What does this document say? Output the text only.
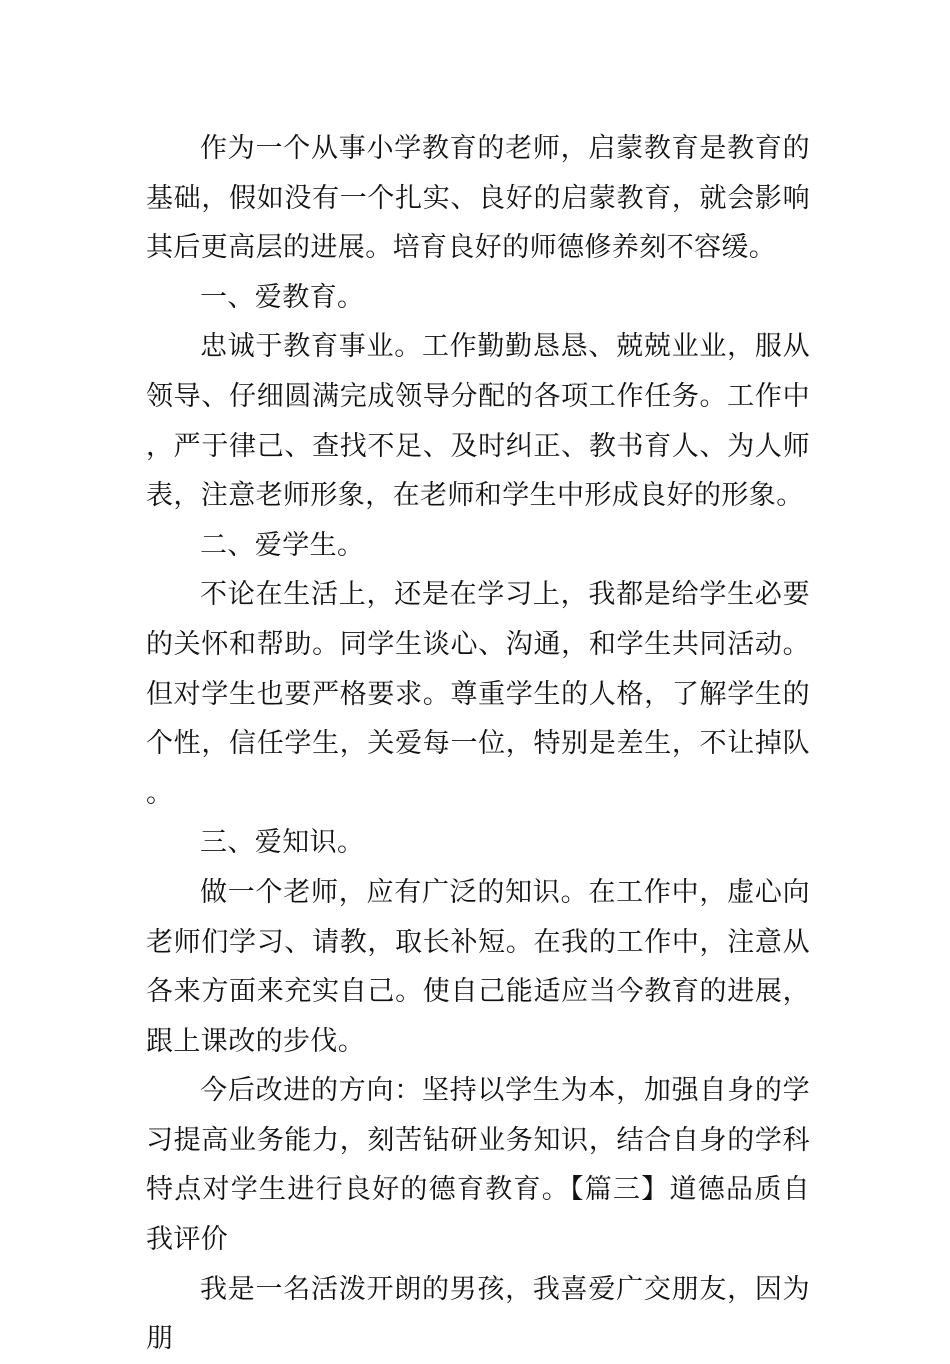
作为一个从事小学教育的老师，启蒙教育是教育的基础，假如没有一个扎实、良好的启蒙教育，就会影响其后更高层的进展。培育良好的师德修养刻不容缓。

一、爱教育。

忠诚于教育事业。工作勤勤恳恳、兢兢业业，服从领导、仔细圆满完成领导分配的各项工作任务。工作中，严于律己、查找不足、及时纠正、教书育人、为人师表，注意老师形象，在老师和学生中形成良好的形象。

二、爱学生。

不论在生活上，还是在学习上，我都是给学生必要的关怀和帮助。同学生谈心、沟通，和学生共同活动。但对学生也要严格要求。尊重学生的人格，了解学生的个性，信任学生，关爱每一位，特别是差生，不让掉队。

三、爱知识。

做一个老师，应有广泛的知识。在工作中，虚心向老师们学习、请教，取长补短。在我的工作中，注意从各来方面来充实自己。使自己能适应当今教育的进展，跟上课改的步伐。

今后改进的方向：坚持以学生为本，加强自身的学习提高业务能力，刻苦钻研业务知识，结合自身的学科特点对学生进行良好的德育教育。【篇三】道德品质自我评价

我是一名活泼开朗的男孩，我喜爱广交朋友，因为朋
